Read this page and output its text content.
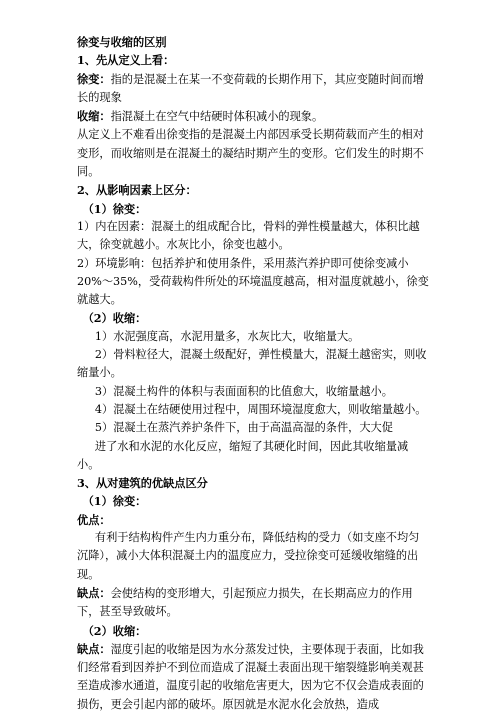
徐变与收缩的区别

1、先从定义上看：

徐变：指的是混凝土在某一不变荷载的长期作用下，其应变随时间而增长的现象

收缩：指混凝土在空气中结硬时体积减小的现象。

从定义上不难看出徐变指的是混凝土内部因承受长期荷载而产生的相对变形，而收缩则是在混凝土的凝结时期产生的变形。它们发生的时期不同。

2、从影响因素上区分：

（1）徐变：

1）内在因素：混凝土的组成配合比，骨料的弹性模量越大，体积比越大，徐变就越小。水灰比小，徐变也越小。

2）环境影响：包括养护和使用条件，采用蒸汽养护即可使徐变减小20%～35%，受荷载构件所处的环境温度越高，相对温度就越小，徐变就越大。

（2）收缩：

1）水泥强度高，水泥用量多，水灰比大，收缩量大。

2）骨料粒径大，混凝土级配好，弹性模量大，混凝土越密实，则收缩量小。

3）混凝土构件的体积与表面面积的比值愈大，收缩量越小。

4）混凝土在结硬使用过程中，周围环境湿度愈大，则收缩量越小。

5）混凝土在蒸汽养护条件下，由于高温高湿的条件，大大促

进了水和水泥的水化反应，缩短了其硬化时间，因此其收缩量减小。

3、从对建筑的优缺点区分

（1）徐变：

优点：

有利于结构构件产生内力重分布，降低结构的受力（如支座不均匀沉降），减小大体积混凝土内的温度应力，受拉徐变可延缓收缩缝的出现。

缺点：会使结构的变形增大，引起预应力损失，在长期高应力的作用下，甚至导致破坏。

（2）收缩：

缺点：湿度引起的收缩是因为水分蒸发过快，主要体现于表面，比如我们经常看到因养护不到位而造成了混凝土表面出现干缩裂缝影响美观甚至造成渗水通道，温度引起的收缩危害更大，因为它不仅会造成表面的损伤，更会引起内部的破坏。原因就是水泥水化会放热，造成
